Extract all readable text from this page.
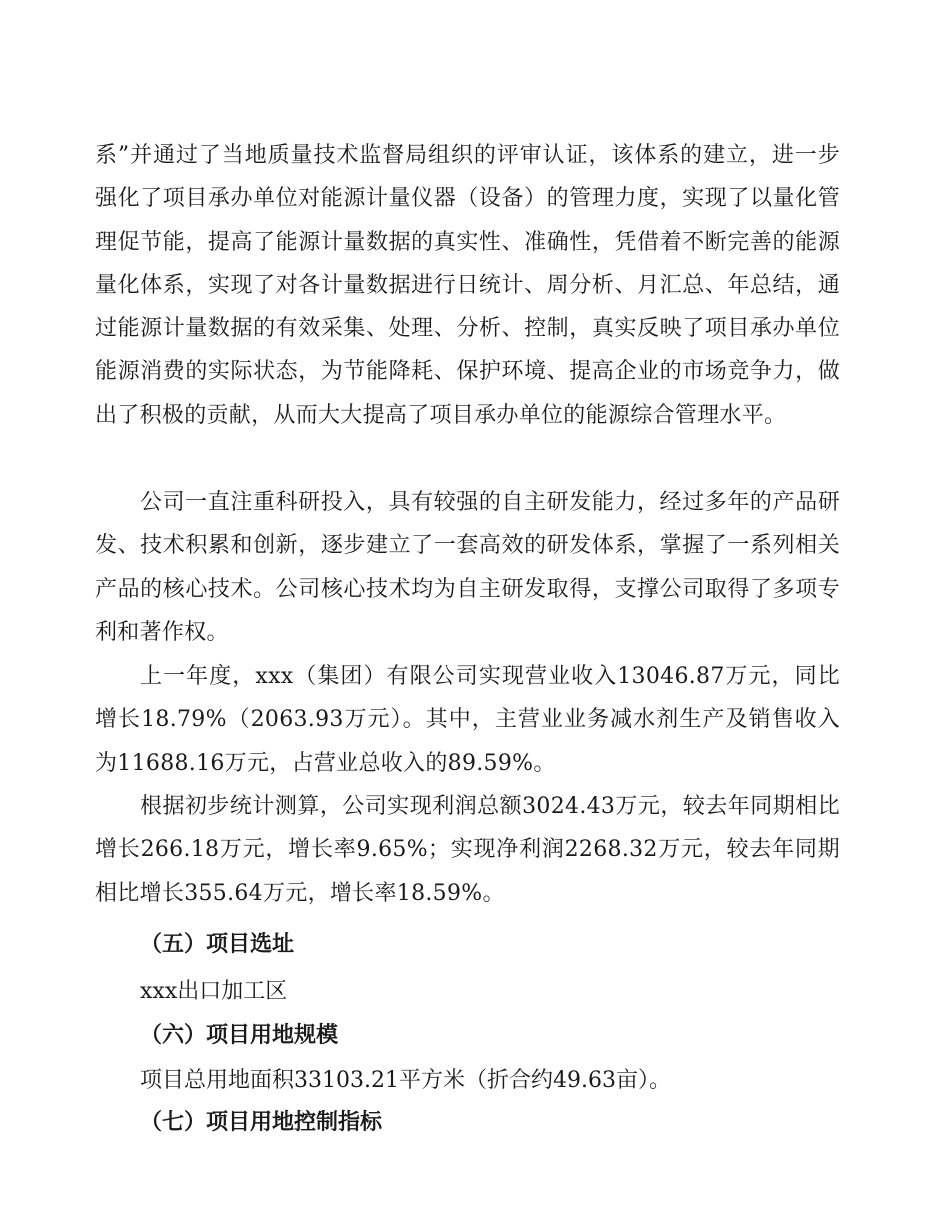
系”并通过了当地质量技术监督局组织的评审认证，该体系的建立，进一步强化了项目承办单位对能源计量仪器（设备）的管理力度，实现了以量化管理促节能，提高了能源计量数据的真实性、准确性，凭借着不断完善的能源量化体系，实现了对各计量数据进行日统计、周分析、月汇总、年总结，通过能源计量数据的有效采集、处理、分析、控制，真实反映了项目承办单位能源消费的实际状态，为节能降耗、保护环境、提高企业的市场竞争力，做出了积极的贡献，从而大大提高了项目承办单位的能源综合管理水平。

公司一直注重科研投入，具有较强的自主研发能力，经过多年的产品研发、技术积累和创新，逐步建立了一套高效的研发体系，掌握了一系列相关产品的核心技术。公司核心技术均为自主研发取得，支撑公司取得了多项专利和著作权。

上一年度，xxx（集团）有限公司实现营业收入13046.87万元，同比增长18.79%（2063.93万元）。其中，主营业业务减水剂生产及销售收入为11688.16万元，占营业总收入的89.59%。

根据初步统计测算，公司实现利润总额3024.43万元，较去年同期相比增长266.18万元，增长率9.65%；实现净利润2268.32万元，较去年同期相比增长355.64万元，增长率18.59%。

（五）项目选址

xxx出口加工区

（六）项目用地规模

项目总用地面积33103.21平方米（折合约49.63亩）。

（七）项目用地控制指标
